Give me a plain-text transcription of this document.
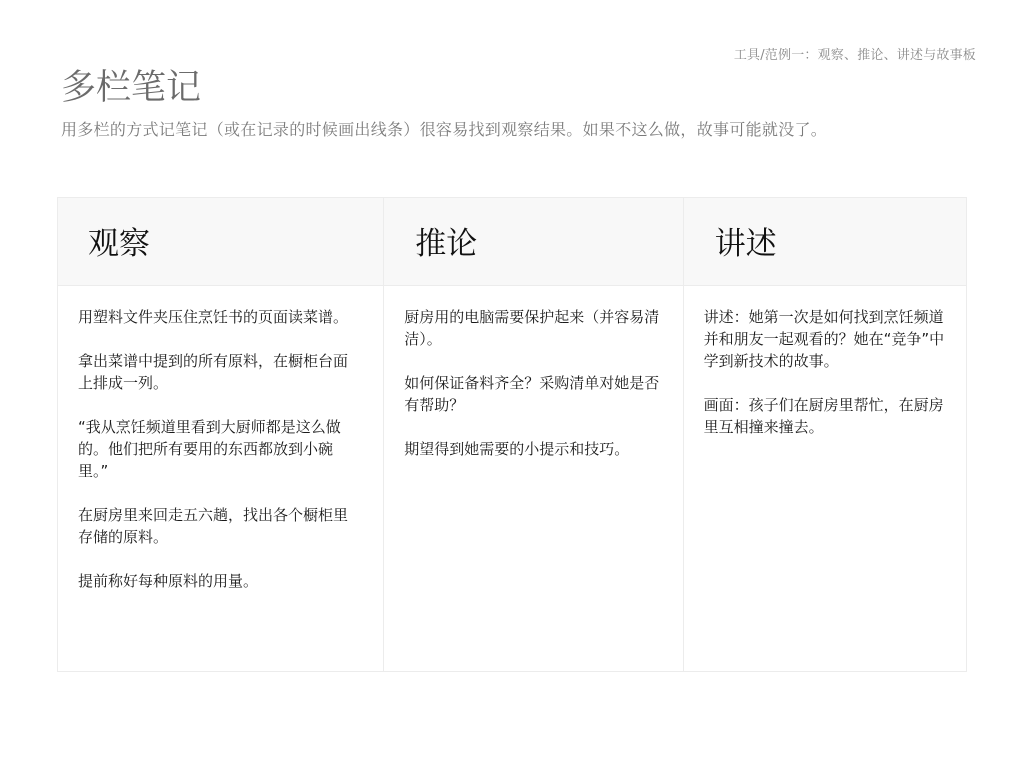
工具/范例一：观察、推论、讲述与故事板
多栏笔记
用多栏的方式记笔记（或在记录的时候画出线条）很容易找到观察结果。如果不这么做，故事可能就没了。
观察

用塑料文件夹压住烹饪书的页面读菜谱。

拿出菜谱中提到的所有原料，在橱柜台面上排成一列。

“我从烹饪频道里看到大厨师都是这么做的。他们把所有要用的东西都放到小碗里。”

在厨房里来回走五六趟，找出各个橱柜里存储的原料。

提前称好每种原料的用量。

推论

厨房用的电脑需要保护起来（并容易清洁）。

如何保证备料齐全？采购清单对她是否有帮助？

期望得到她需要的小提示和技巧。

讲述

讲述：她第一次是如何找到烹饪频道并和朋友一起观看的？她在“竞争”中学到新技术的故事。

画面：孩子们在厨房里帮忙，在厨房里互相撞来撞去。
